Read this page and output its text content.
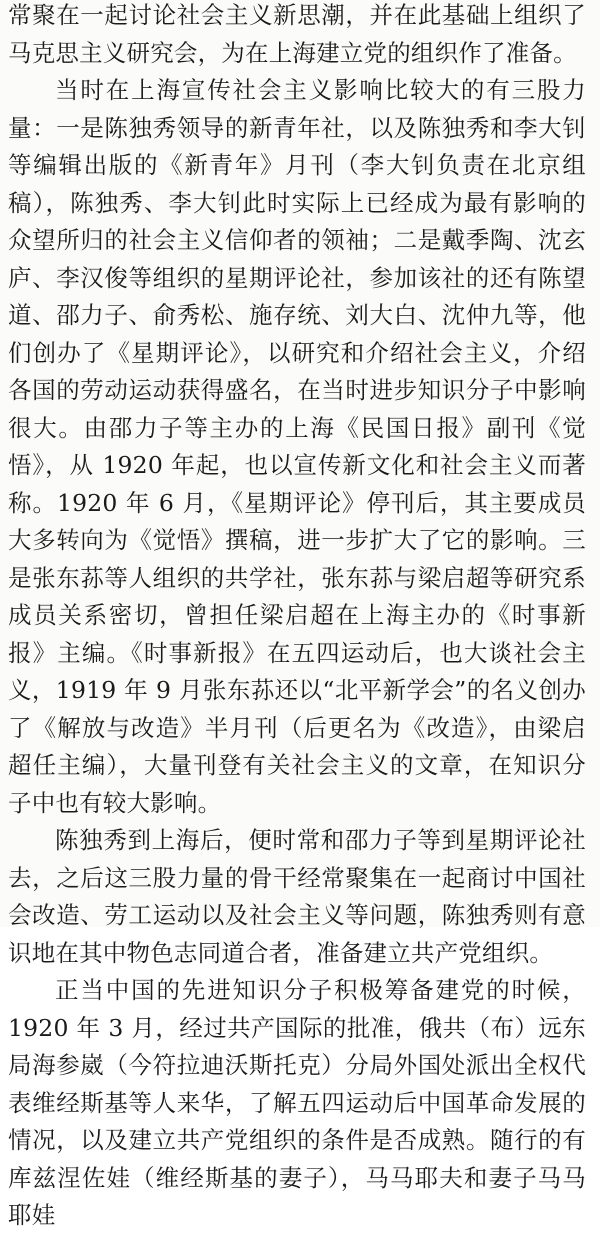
常聚在一起讨论社会主义新思潮，并在此基础上组织了马克思主义研究会，为在上海建立党的组织作了准备。

当时在上海宣传社会主义影响比较大的有三股力量：一是陈独秀领导的新青年社，以及陈独秀和李大钊等编辑出版的《新青年》月刊（李大钊负责在北京组稿），陈独秀、李大钊此时实际上已经成为最有影响的众望所归的社会主义信仰者的领袖；二是戴季陶、沈玄庐、李汉俊等组织的星期评论社，参加该社的还有陈望道、邵力子、俞秀松、施存统、刘大白、沈仲九等，他们创办了《星期评论》，以研究和介绍社会主义，介绍各国的劳动运动获得盛名，在当时进步知识分子中影响很大。由邵力子等主办的上海《民国日报》副刊《觉悟》，从 1920 年起，也以宣传新文化和社会主义而著称。1920 年 6 月，《星期评论》停刊后，其主要成员大多转向为《觉悟》撰稿，进一步扩大了它的影响。三是张东荪等人组织的共学社，张东荪与梁启超等研究系成员关系密切，曾担任梁启超在上海主办的《时事新报》主编。《时事新报》在五四运动后，也大谈社会主义，1919 年 9 月张东荪还以“北平新学会”的名义创办了《解放与改造》半月刊（后更名为《改造》，由梁启超任主编），大量刊登有关社会主义的文章，在知识分子中也有较大影响。

陈独秀到上海后，便时常和邵力子等到星期评论社去，之后这三股力量的骨干经常聚集在一起商讨中国社会改造、劳工运动以及社会主义等问题，陈独秀则有意识地在其中物色志同道合者，准备建立共产党组织。

正当中国的先进知识分子积极筹备建党的时候，1920 年 3 月，经过共产国际的批准，俄共（布）远东局海参崴（今符拉迪沃斯托克）分局外国处派出全权代表维经斯基等人来华，了解五四运动后中国革命发展的情况，以及建立共产党组织的条件是否成熟。随行的有库兹涅佐娃（维经斯基的妻子），马马耶夫和妻子马马耶娃
